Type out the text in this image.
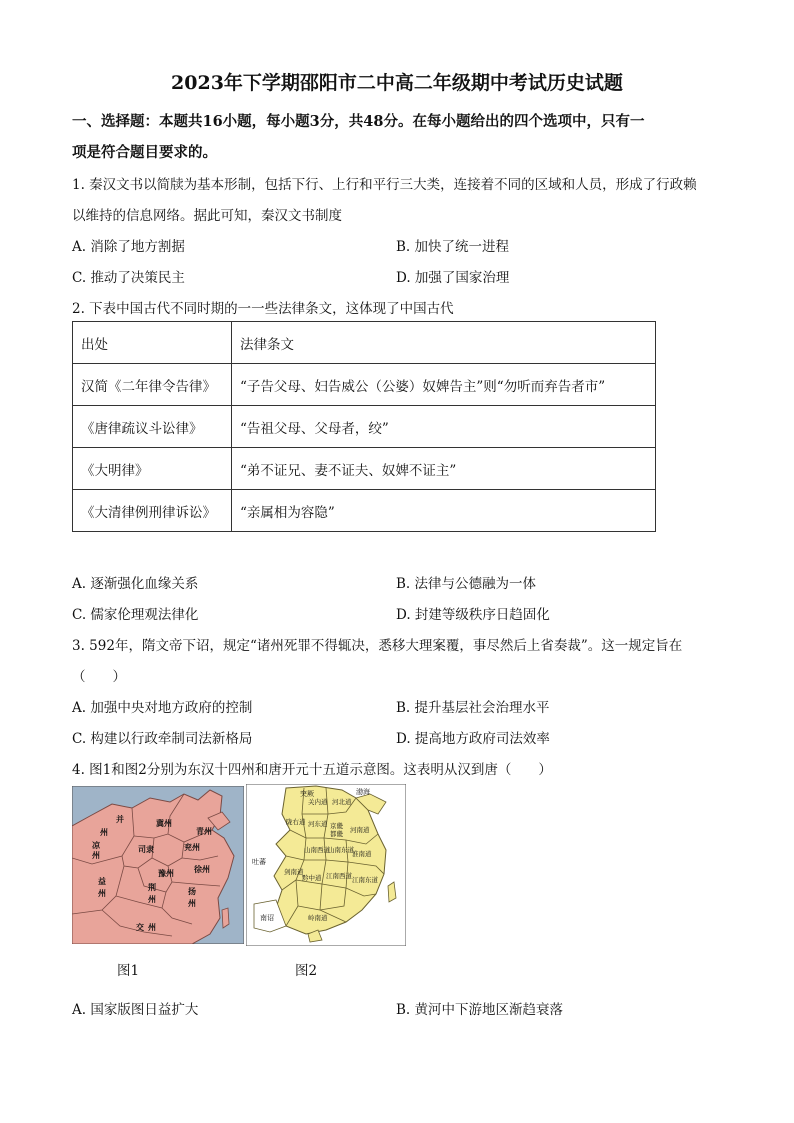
2023年下学期邵阳市二中高二年级期中考试历史试题
一、选择题：本题共16小题，每小题3分，共48分。在每小题给出的四个选项中，只有一
项是符合题目要求的。
1. 秦汉文书以简牍为基本形制，包括下行、上行和平行三大类，连接着不同的区域和人员，形成了行政赖
以维持的信息网络。据此可知，秦汉文书制度
A. 消除了地方割据	B. 加快了统一进程
C. 推动了决策民主	D. 加强了国家治理
2. 下表中国古代不同时期的一一些法律条文，这体现了中国古代
出处	法律条文
汉简《二年律令告律》	“子告父母、妇告威公（公婆）奴婢告主”则“勿听而弃告者市”
《唐律疏议斗讼律》	“告祖父母、父母者，绞”
《大明律》	“弟不证兄、妻不证夫、奴婢不证主”
《大清律例刑律诉讼》	“亲属相为容隐”
A. 逐渐强化血缘关系	B. 法律与公德融为一体
C. 儒家伦理观法律化	D. 封建等级秩序日趋固化
3. 592年，隋文帝下诏，规定“诸州死罪不得辄决，悉移大理案覆，事尽然后上省奏裁”。这一规定旨在
（　　）
A. 加强中央对地方政府的控制	B. 提升基层社会治理水平
C. 构建以行政牵制司法新格局	D. 提高地方政府司法效率
4. 图1和图2分别为东汉十四州和唐开元十五道示意图。这表明从汉到唐（　　）
并
州
冀州
兖州
青州
司隶
豫州	徐州
凉
州
益
州
荆
州
扬
州
交 州
突厥	渤海
关内道 河北道
京畿
陇右道 河东道
都畿
河南道
吐蕃
山南东道
剑南道
山南西道
淮南道
黔中道 江南西道
江南东道
南诏	岭南道
图1	图2
A. 国家版图日益扩大	B. 黄河中下游地区渐趋衰落
